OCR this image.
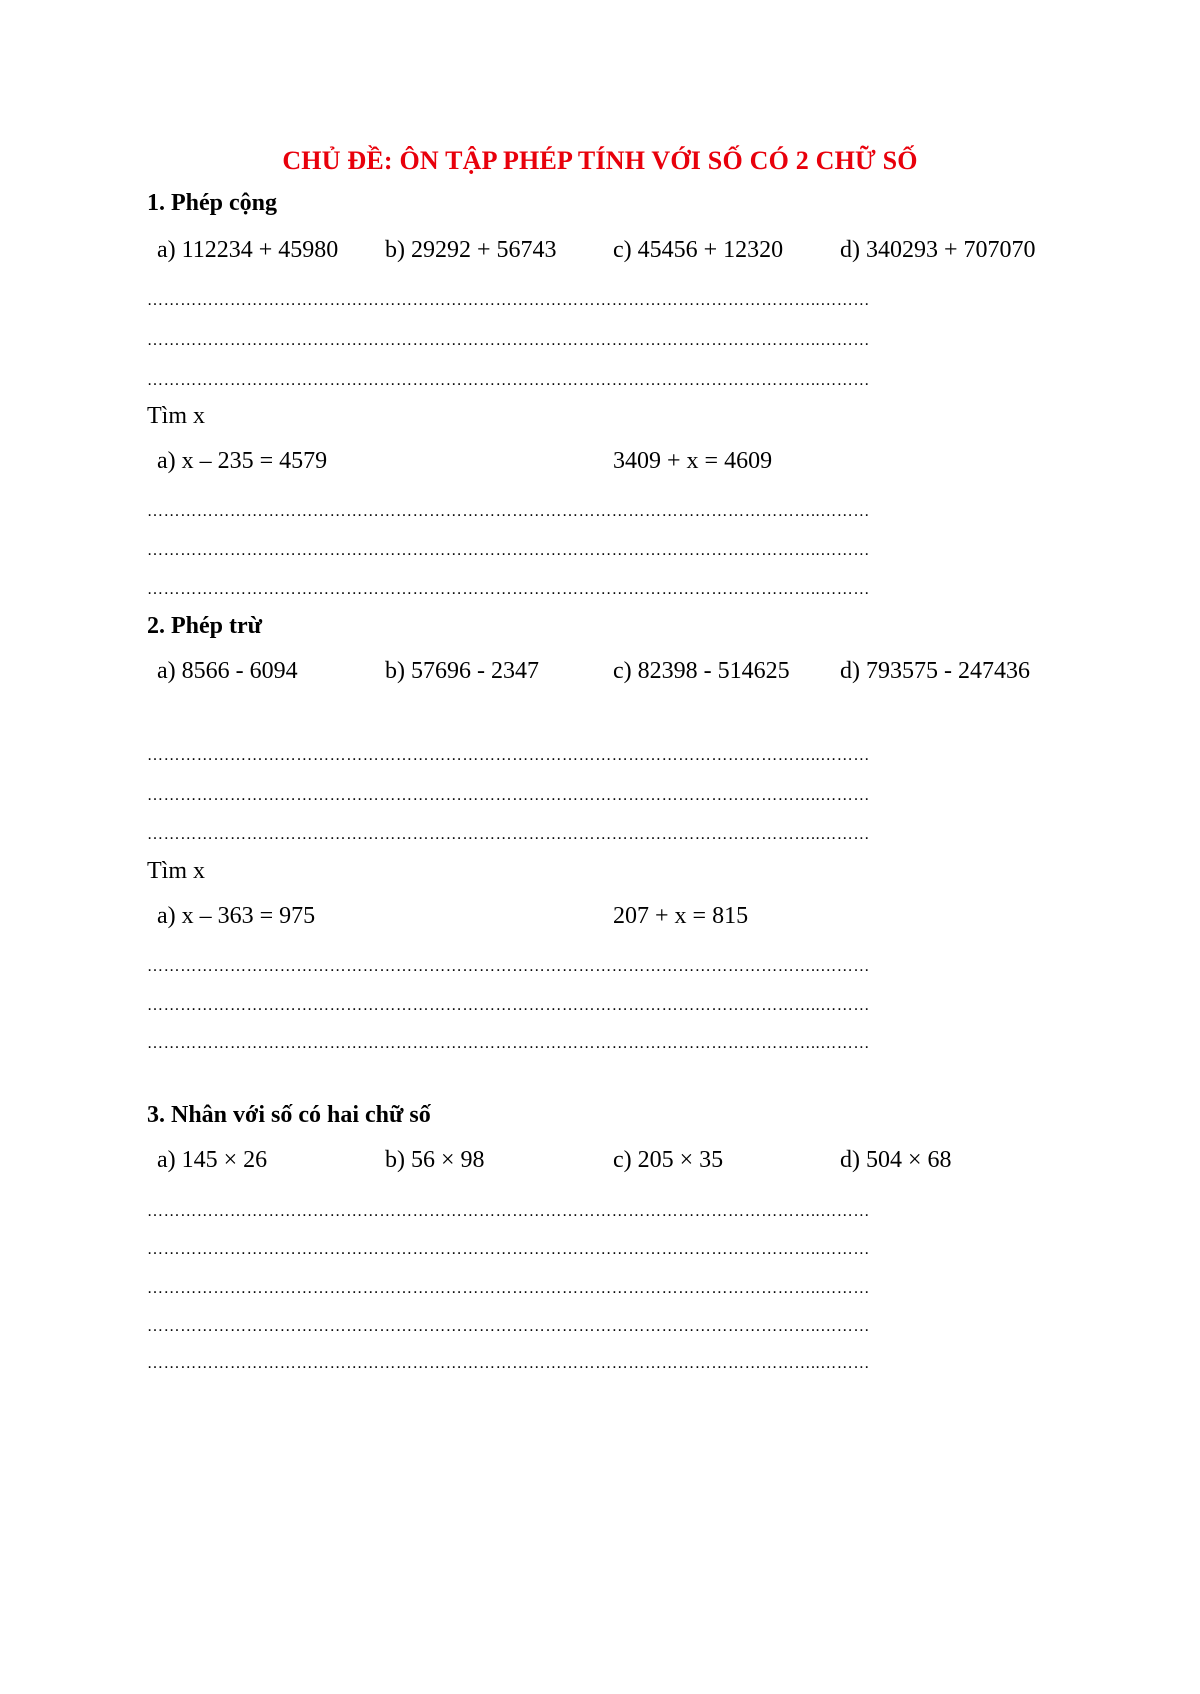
CHỦ ĐỀ: ÔN TẬP PHÉP TÍNH VỚI SỐ CÓ 2 CHỮ SỐ
1. Phép cộng
a) 112234 + 45980 b) 29292 + 56743 c) 45456 + 12320 d) 340293 + 707070
…………………………………………………………………………………………………………..………
…………………………………………………………………………………………………………..………
…………………………………………………………………………………………………………..………
Tìm x
a) x – 235 = 4579	3409 + x = 4609
…………………………………………………………………………………………………………..………
…………………………………………………………………………………………………………..………
…………………………………………………………………………………………………………..………
2. Phép trừ
a) 8566 - 6094	b) 57696 - 2347	c) 82398 - 514625 d) 793575 - 247436
…………………………………………………………………………………………………………..………
…………………………………………………………………………………………………………..………
…………………………………………………………………………………………………………..………
Tìm x
a) x – 363 = 975	207 + x = 815
…………………………………………………………………………………………………………..………
…………………………………………………………………………………………………………..………
…………………………………………………………………………………………………………..………
3. Nhân với số có hai chữ số
a) 145 × 26	b) 56 × 98	c) 205 × 35	d) 504 × 68
…………………………………………………………………………………………………………..………
…………………………………………………………………………………………………………..………
…………………………………………………………………………………………………………..………
…………………………………………………………………………………………………………..………
…………………………………………………………………………………………………………..………
